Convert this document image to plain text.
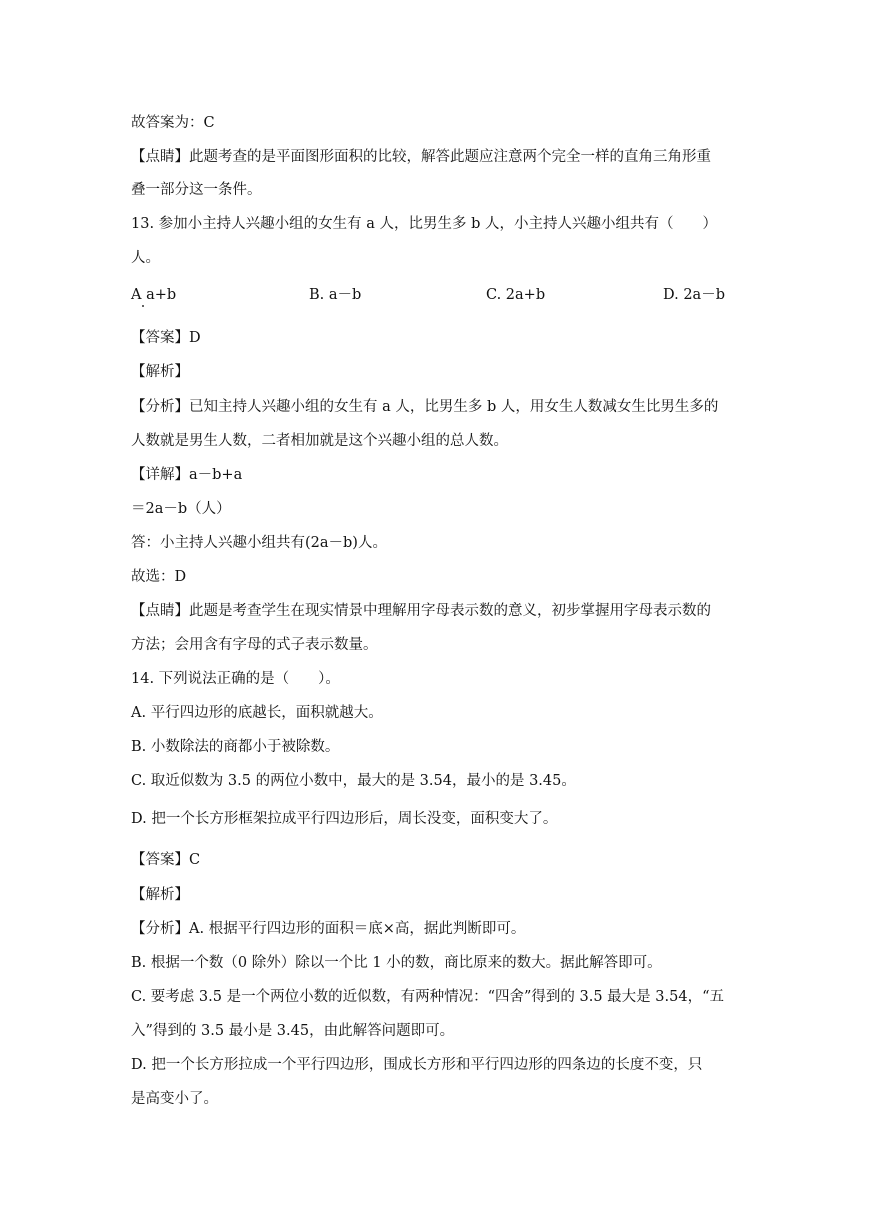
故答案为：C
【点睛】此题考查的是平面图形面积的比较，解答此题应注意两个完全一样的直角三角形重
叠一部分这一条件。
13. 参加小主持人兴趣小组的女生有 a 人，比男生多 b 人，小主持人兴趣小组共有（　　）
人。
A a+b	B. a－b	C. 2a+b	D. 2a－b
【答案】D
【解析】
【分析】已知主持人兴趣小组的女生有 a 人，比男生多 b 人，用女生人数减女生比男生多的
人数就是男生人数，二者相加就是这个兴趣小组的总人数。
【详解】a－b+a
＝2a－b（人）
答：小主持人兴趣小组共有(2a－b)人。
故选：D
【点睛】此题是考查学生在现实情景中理解用字母表示数的意义，初步掌握用字母表示数的
方法；会用含有字母的式子表示数量。
14. 下列说法正确的是（　　）。
A. 平行四边形的底越长，面积就越大。
B. 小数除法的商都小于被除数。
C. 取近似数为 3.5 的两位小数中，最大的是 3.54，最小的是 3.45。
D. 把一个长方形框架拉成平行四边形后，周长没变，面积变大了。
【答案】C
【解析】
【分析】A. 根据平行四边形的面积＝底×高，据此判断即可。
B. 根据一个数（0 除外）除以一个比 1 小的数，商比原来的数大。据此解答即可。
C. 要考虑 3.5 是一个两位小数的近似数，有两种情况：“四舍”得到的 3.5 最大是 3.54，“五
入”得到的 3.5 最小是 3.45，由此解答问题即可。
D. 把一个长方形拉成一个平行四边形，围成长方形和平行四边形的四条边的长度不变，只
是高变小了。
